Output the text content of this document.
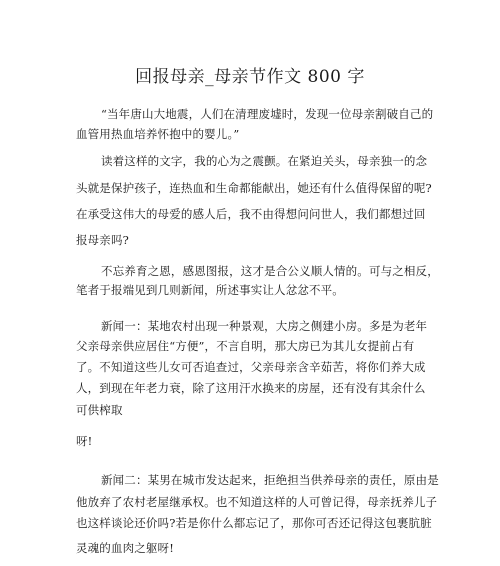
回报母亲_母亲节作文 800 字
“当年唐山大地震，人们在清理废墟时，发现一位母亲割破自己的
血管用热血培养怀抱中的婴儿。”
读着这样的文字，我的心为之震颤。在紧迫关头，母亲独一的念
头就是保护孩子，连热血和生命都能献出，她还有什么值得保留的呢?
在承受这伟大的母爱的感人后，我不由得想问问世人，我们都想过回
报母亲吗?
不忘养育之恩，感恩图报，这才是合公义顺人情的。可与之相反，
笔者于报端见到几则新闻，所述事实让人忿忿不平。
新闻一：某地农村出现一种景观，大房之侧建小房。多是为老年
父亲母亲供应居住“方便”，不言自明，那大房已为其儿女提前占有
了。不知道这些儿女可否追查过，父亲母亲含辛茹苦，将你们养大成
人，到现在年老力衰，除了这用汗水换来的房屋，还有没有其余什么
可供榨取
呀!
新闻二：某男在城市发达起来，拒绝担当供养母亲的责任，原由是
他放弃了农村老屋继承权。也不知道这样的人可曾记得，母亲抚养儿子
也这样谈论还价吗?若是你什么都忘记了，那你可否还记得这包裹肮脏
灵魂的血肉之躯呀!
